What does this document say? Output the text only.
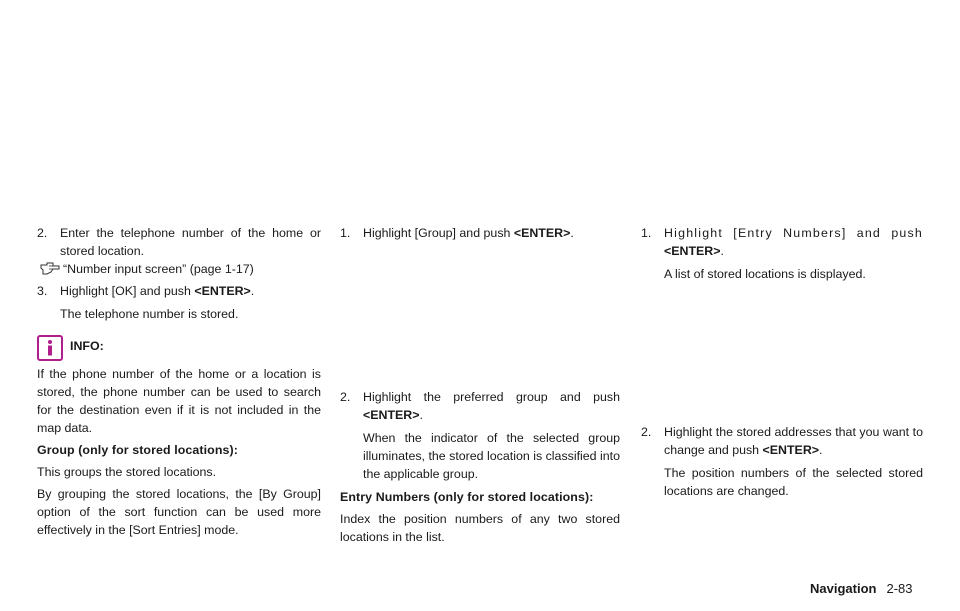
2. Enter the telephone number of the home or stored location.

“Number input screen” (page 1-17)
3. Highlight [OK] and push <ENTER>.

The telephone number is stored.

INFO:

If the phone number of the home or a location is stored, the phone number can be used to search for the destination even if it is not included in the map data.

Group (only for stored locations):

This groups the stored locations.

By grouping the stored locations, the [By Group] option of the sort function can be used more effectively in the [Sort Entries] mode.

1. Highlight [Group] and push <ENTER>.

2. Highlight the preferred group and push <ENTER>.

When the indicator of the selected group illuminates, the stored location is classified into the applicable group.

Entry Numbers (only for stored locations):

Index the position numbers of any two stored locations in the list.

1. Highlight [Entry Numbers] and push <ENTER>.

A list of stored locations is displayed.

2. Highlight the stored addresses that you want to change and push <ENTER>.

The position numbers of the selected stored locations are changed.

Navigation 2-83
